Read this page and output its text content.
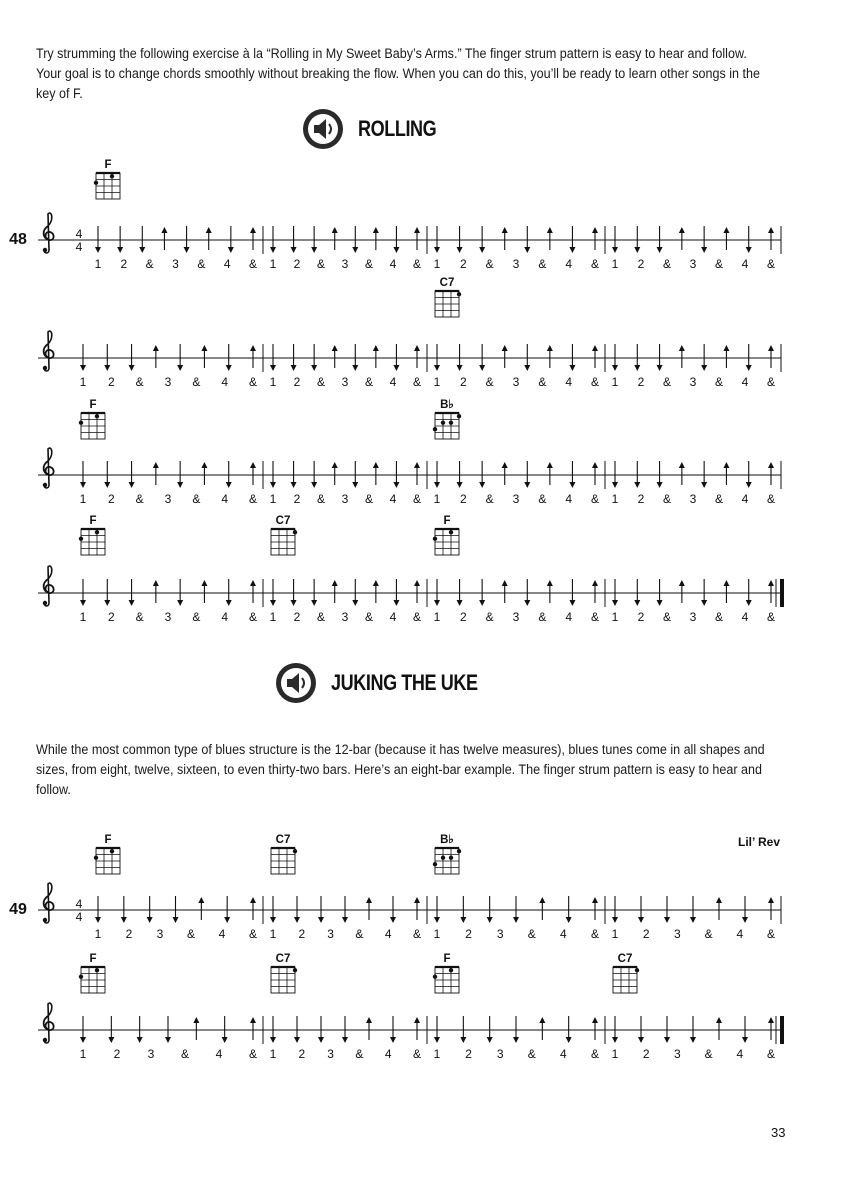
Try strumming the following exercise à la “Rolling in My Sweet Baby’s Arms.” The finger strum pattern is easy to hear and follow. Your goal is to change chords smoothly without breaking the flow. When you can do this, you’ll be ready to learn other songs in the key of F.
ROLLING
JUKING THE UKE
While the most common type of blues structure is the 12-bar (because it has twelve measures), blues tunes come in all shapes and sizes, from eight, twelve, sixteen, to even thirty-two bars. Here’s an eight-bar example. The finger strum pattern is easy to hear and follow.
Lil’ Rev
33
4
4
48
1 2 & 3 & 4 & 1 2 & 3 & 4 & 1 2 & 3 & 4 & 1 2 & 3 & 4 &
F
1 2 & 3 & 4 & 1 2 & 3 & 4 & 1 2 & 3 & 4 & 1 2 & 3 & 4 &
C7
1 2 & 3 & 4 & 1 2 & 3 & 4 & 1 2 & 3 & 4 & 1 2 & 3 & 4 &
F	B♭
1 2 & 3 & 4 & 1 2 & 3 & 4 & 1 2 & 3 & 4 & 1 2 & 3 & 4 &
F	C7	F
4
4
49
1 2 3 & 4 & 1 2 3 & 4 & 1 2 3 & 4 & 1 2 3 & 4 &
F	C7	B♭
1 2 3 & 4 & 1 2 3 & 4 & 1 2 3 & 4 & 1 2 3 & 4 &
F	C7	F	C7
